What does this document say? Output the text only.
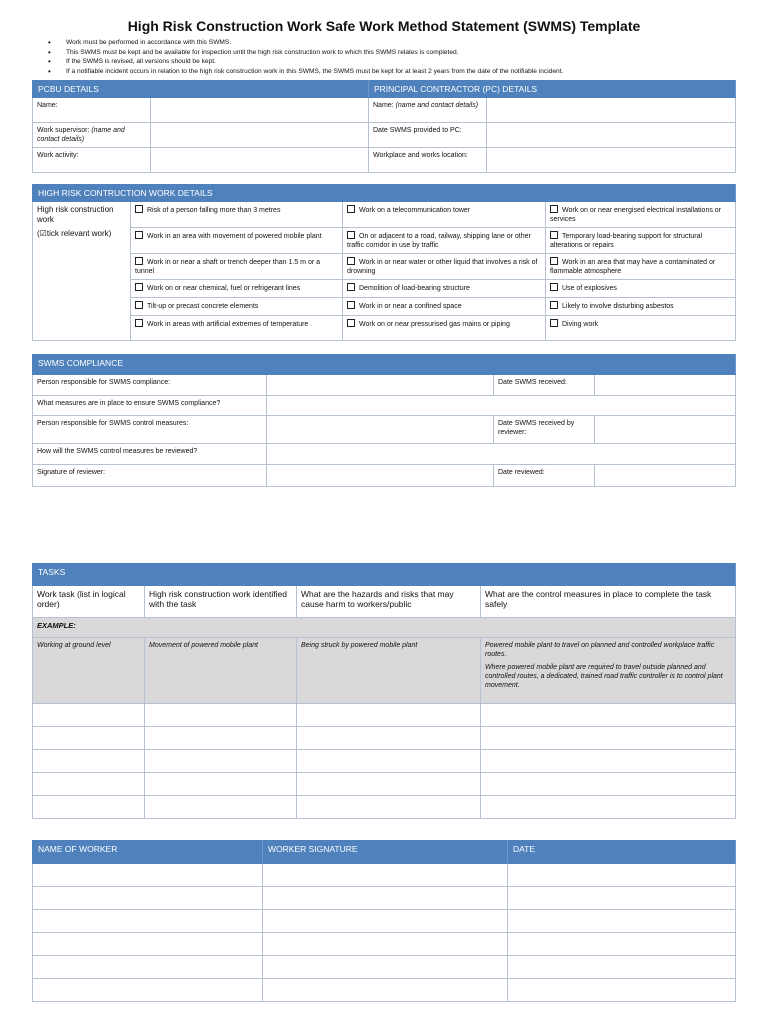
High Risk Construction Work Safe Work Method Statement (SWMS) Template
• Work must be performed in accordance with this SWMS.
• This SWMS must be kept and be available for inspection until the high risk construction work to which this SWMS relates is completed.
• If the SWMS is revised, all versions should be kept.
• If a notifiable incident occurs in relation to the high risk construction work in this SWMS, the SWMS must be kept for at least 2 years from the date of the notifiable incident.
PCBU DETAILS		PRINCIPAL CONTRACTOR (PC) DETAILS	
Name:		Name: (name and contact details)	
Work supervisor: (name and contact details)		Date SWMS provided to PC:	
Work activity:		Workplace and works location:	
HIGH RISK CONTRUCTION WORK DETAILS			

High risk construction work
(☑tick relevant work)	Risk of a person falling more than 3 metres	Work on a telecommunication tower	Work on or near energised electrical installations or services
	Work in an area with movement of powered mobile plant	On or adjacent to a road, railway, shipping lane or other traffic corridor in use by traffic	Temporary load-bearing support for structural alterations or repairs
	Work in or near a shaft or trench deeper than 1.5 m or a tunnel	Work in or near water or other liquid that involves a risk of drowning	Work in an area that may have a contaminated or flammable atmosphere
	Work on or near chemical, fuel or refrigerant lines	Demolition of load-bearing structure	Use of explosives
	Tilt-up or precast concrete elements	Work in or near a confined space	Likely to involve disturbing asbestos
	Work in areas with artificial extremes of temperature	Work on or near pressurised gas mains or piping	Diving work
SWMS COMPLIANCE			
Person responsible for SWMS compliance:		Date SWMS received:	
What measures are in place to ensure SWMS compliance?			
Person responsible for SWMS control measures:		Date SWMS received by reviewer:	
How will the SWMS control measures be reviewed?			
Signature of reviewer:		Date reviewed:	
TASKS			
Work task (list in logical order)	High risk construction work identified with the task	What are the hazards and risks that may cause harm to workers/public	What are the control measures in place to complete the task safely
EXAMPLE:			
Working at ground level	Movement of powered mobile plant	Being struck by powered mobile plant	Powered mobile plant to travel on planned and controlled workplace traffic routes.
Where powered mobile plant are required to travel outside planned and controlled routes, a dedicated, trained road traffic controller is to control plant movement.

NAME OF WORKER	WORKER SIGNATURE	DATE
